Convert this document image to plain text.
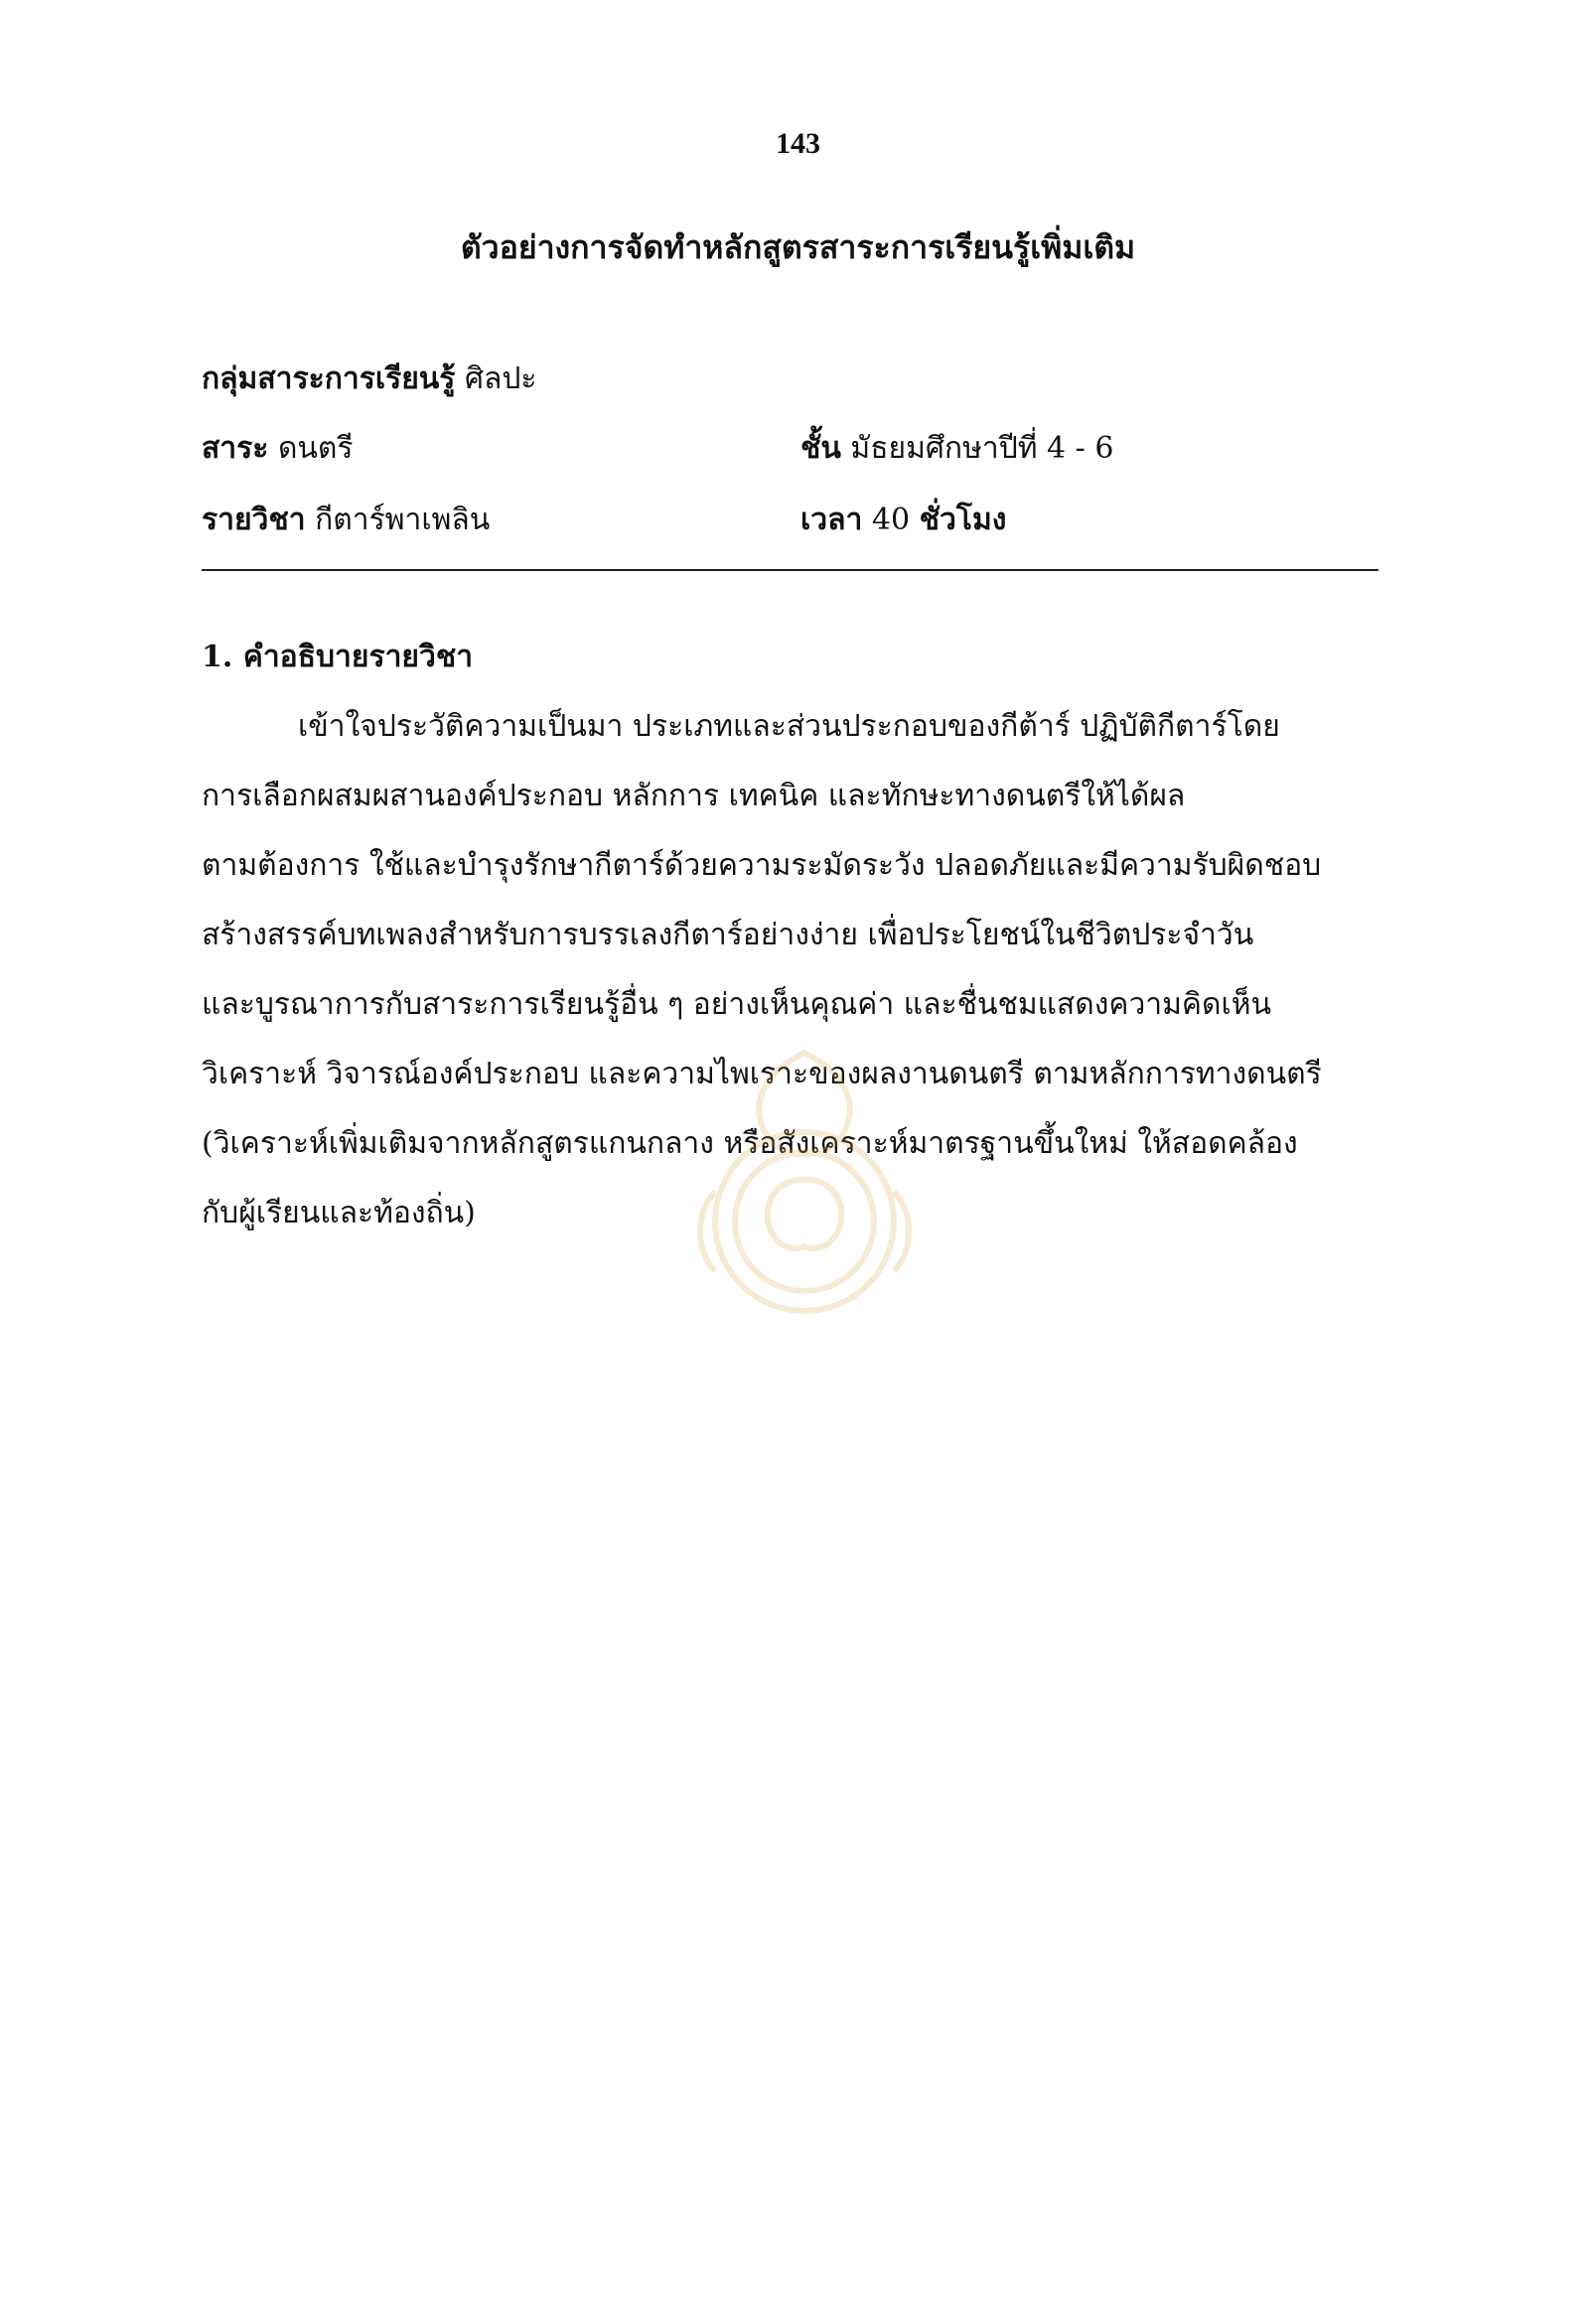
143
ตัวอย่างการจัดทำหลักสูตรสาระการเรียนรู้เพิ่มเติม
กลุ่มสาระการเรียนรู้ ศิลปะ
สาระ ดนตรี	ชั้น มัธยมศึกษาปีที่ 4 - 6
รายวิชา กีตาร์พาเพลิน	เวลา 40 ชั่วโมง
1. คำอธิบายรายวิชา
เข้าใจประวัติความเป็นมา ประเภทและส่วนประกอบของกีต้าร์ ปฏิบัติกีตาร์โดย
การเลือกผสมผสานองค์ประกอบ หลักการ เทคนิค และทักษะทางดนตรีให้ได้ผล
ตามต้องการ ใช้และบำรุงรักษากีตาร์ด้วยความระมัดระวัง ปลอดภัยและมีความรับผิดชอบ
สร้างสรรค์บทเพลงสำหรับการบรรเลงกีตาร์อย่างง่าย เพื่อประโยชน์ในชีวิตประจำวัน
และบูรณาการกับสาระการเรียนรู้อื่น ๆ อย่างเห็นคุณค่า และชื่นชมแสดงความคิดเห็น
วิเคราะห์ วิจารณ์องค์ประกอบ และความไพเราะของผลงานดนตรี ตามหลักการทางดนตรี
(วิเคราะห์เพิ่มเติมจากหลักสูตรแกนกลาง หรือสังเคราะห์มาตรฐานขึ้นใหม่ ให้สอดคล้อง
กับผู้เรียนและท้องถิ่น)
